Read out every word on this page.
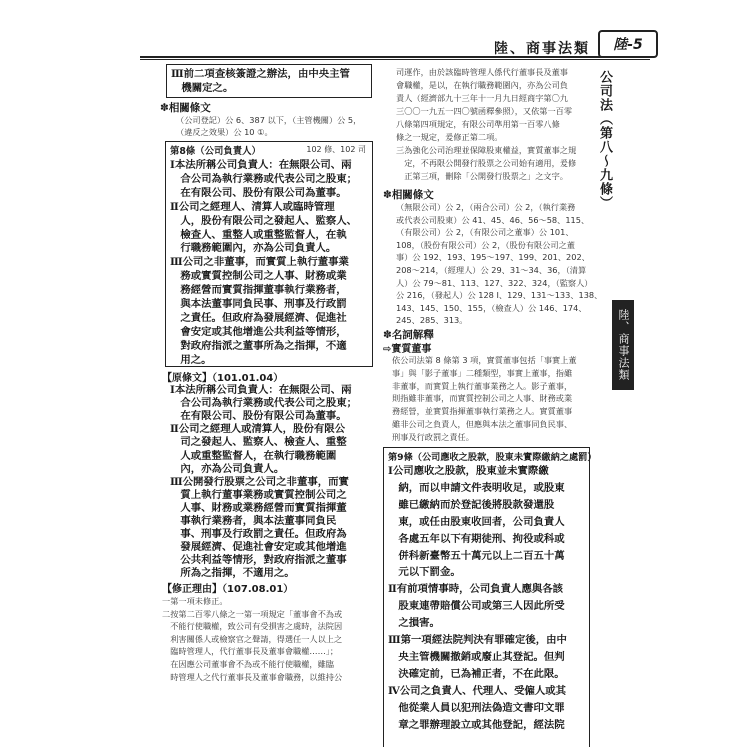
陸、商事法類	陸-5
公司法（第八～九條）
陸、商事法類
Ⅲ前二項查核簽證之辦法，由中央主管
　機關定之。
✽相關條文
（公司登記）公 6、387 以下，（主管機關）公 5，
（違反之效果）公 10 ①。
第8條（公司負責人）	102 修、102 司
Ⅰ本法所稱公司負責人：在無限公司、兩
　合公司為執行業務或代表公司之股東；
　在有限公司、股份有限公司為董事。
Ⅱ公司之經理人、清算人或臨時管理
　人，股份有限公司之發起人、監察人、
　檢查人、重整人或重整監督人，在執
　行職務範圍內，亦為公司負責人。
Ⅲ公司之非董事，而實質上執行董事業
　務或實質控制公司之人事、財務或業
　務經營而實質指揮董事執行業務者，
　與本法董事同負民事、刑事及行政罰
　之責任。但政府為發展經濟、促進社
　會安定或其他增進公共利益等情形，
　對政府指派之董事所為之指揮，不適
　用之。
【原條文】（101.01.04）
Ⅰ本法所稱公司負責人：在無限公司、兩
　合公司為執行業務或代表公司之股東；
　在有限公司、股份有限公司為董事。
Ⅱ公司之經理人或清算人，股份有限公
　司之發起人、監察人、檢查人、重整
　人或重整監督人，在執行職務範圍
　內，亦為公司負責人。
Ⅲ公開發行股票之公司之非董事，而實
　質上執行董事業務或實質控制公司之
　人事、財務或業務經營而實質指揮董
　事執行業務者，與本法董事同負民
　事、刑事及行政罰之責任。但政府為
　發展經濟、促進社會安定或其他增進
　公共利益等情形，對政府指派之董事
　所為之指揮，不適用之。
【修正理由】（107.08.01）
一第一項未修正。
二按第二百零八條之一第一項規定「董事會不為或
　不能行使職權，致公司有受損害之虞時，法院因
　利害關係人或檢察官之聲請，得選任一人以上之
　臨時管理人，代行董事長及董事會職權……」；
　在因應公司董事會不為或不能行使職權，雖臨
　時管理人之代行董事長及董事會職務，以維持公
司運作，由於該臨時管理人係代行董事長及董事
會職權，是以，在執行職務範圍內，亦為公司負
責人（經濟部九十三年十一月九日經商字第〇九
三〇〇一九五一四〇號函釋參照），又依第一百零
八條第四項規定，有限公司準用第一百零八條
條之一規定，爰修正第二項。
三為強化公司治理並保障股東權益，實質董事之規
　定，不再限公開發行股票之公司始有適用，爰修
　正第三項，刪除「公開發行股票之」之文字。
✽相關條文
（無限公司）公 2，（兩合公司）公 2，（執行業務
或代表公司股東）公 41、45、46、56～58、115、
（有限公司）公 2，（有限公司之董事）公 101、
108，（股份有限公司）公 2，（股份有限公司之董
事）公 192、193、195～197、199、201、202、
208～214，（經理人）公 29、31～34、36，（清算
人）公 79～81、113、127、322、324，（監察人）
公 216，（發起人）公 128 Ⅰ、129、131～133、138、
143、145、150、155，（檢查人）公 146、174、
245、285、313。
✽名詞解釋
⇨實質董事
依公司法第 8 條第 3 項，實質董事包括「事實上董
事」與「影子董事」二種類型，事實上董事，指雖
非董事，而實質上執行董事業務之人。影子董事，
則指雖非董事，而實質控制公司之人事、財務或業
務經營，並實質指揮董事執行業務之人。實質董事
雖非公司之負責人，但應與本法之董事同負民事、
刑事及行政罰之責任。
第9條（公司應收之股款，股東未實際繳納之處罰）
Ⅰ公司應收之股款，股東並未實際繳
　納，而以申請文件表明收足，或股東
　雖已繳納而於登記後將股款發還股
　東，或任由股東收回者，公司負責人
　各處五年以下有期徒刑、拘役或科或
　併科新臺幣五十萬元以上二百五十萬
　元以下罰金。
Ⅱ有前項情事時，公司負責人應與各該
　股東連帶賠償公司或第三人因此所受
　之損害。
Ⅲ第一項經法院判決有罪確定後，由中
　央主管機關撤銷或廢止其登記。但判
　決確定前，已為補正者，不在此限。
Ⅳ公司之負責人、代理人、受僱人或其
　他從業人員以犯刑法偽造文書印文罪
　章之罪辦理設立或其他登記，經法院
